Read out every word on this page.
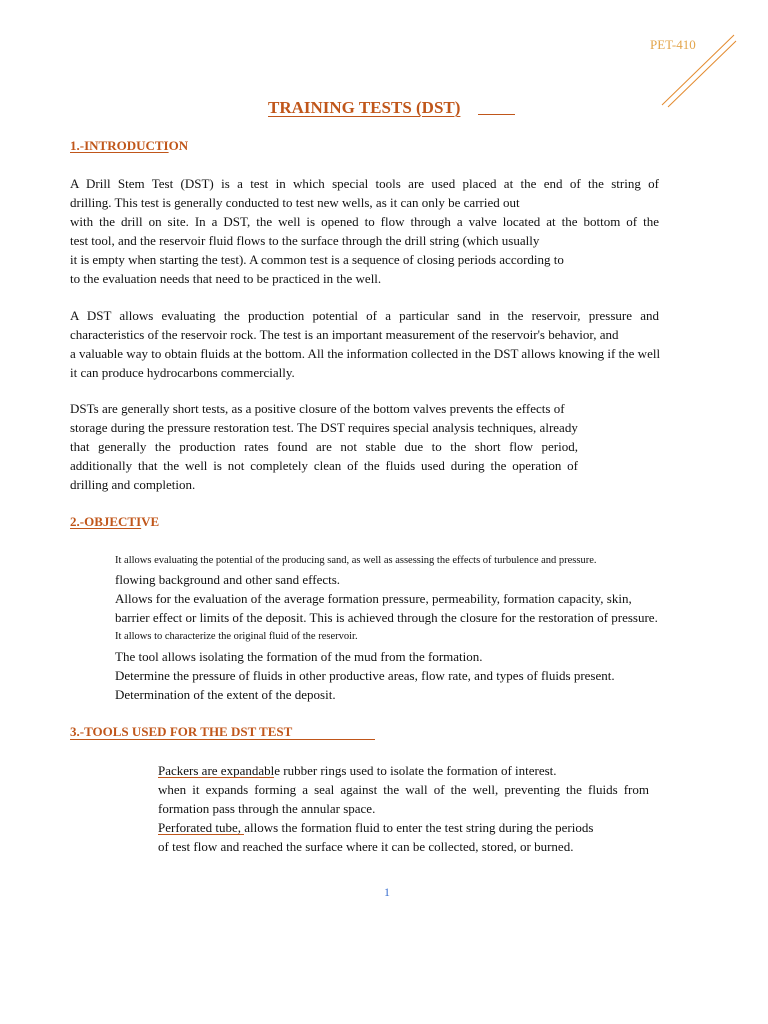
PET-410
TRAINING TESTS (DST)
1.-INTRODUCTION
A Drill Stem Test (DST) is a test in which special tools are used placed at the end of the string of
drilling. This test is generally conducted to test new wells, as it can only be carried out
with the drill on site. In a DST, the well is opened to flow through a valve located at the bottom of the
test tool, and the reservoir fluid flows to the surface through the drill string (which usually
it is empty when starting the test). A common test is a sequence of closing periods according to
to the evaluation needs that need to be practiced in the well.
A DST allows evaluating the production potential of a particular sand in the reservoir, pressure and
characteristics of the reservoir rock. The test is an important measurement of the reservoir's behavior, and
a valuable way to obtain fluids at the bottom. All the information collected in the DST allows knowing if the well
it can produce hydrocarbons commercially.
DSTs are generally short tests, as a positive closure of the bottom valves prevents the effects of
storage during the pressure restoration test. The DST requires special analysis techniques, already
that generally the production rates found are not stable due to the short flow period,
additionally that the well is not completely clean of the fluids used during the operation of
drilling and completion.
2.-OBJECTIVE
It allows evaluating the potential of the producing sand, as well as assessing the effects of turbulence and pressure.
flowing background and other sand effects.
Allows for the evaluation of the average formation pressure, permeability, formation capacity, skin,
barrier effect or limits of the deposit. This is achieved through the closure for the restoration of pressure.
It allows to characterize the original fluid of the reservoir.
The tool allows isolating the formation of the mud from the formation.
Determine the pressure of fluids in other productive areas, flow rate, and types of fluids present.
Determination of the extent of the deposit.
3.-TOOLS USED FOR THE DST TEST
Packers are expandable rubber rings used to isolate the formation of interest.
when it expands forming a seal against the wall of the well, preventing the fluids from
formation pass through the annular space.
Perforated tube, allows the formation fluid to enter the test string during the periods
of test flow and reached the surface where it can be collected, stored, or burned.
1
